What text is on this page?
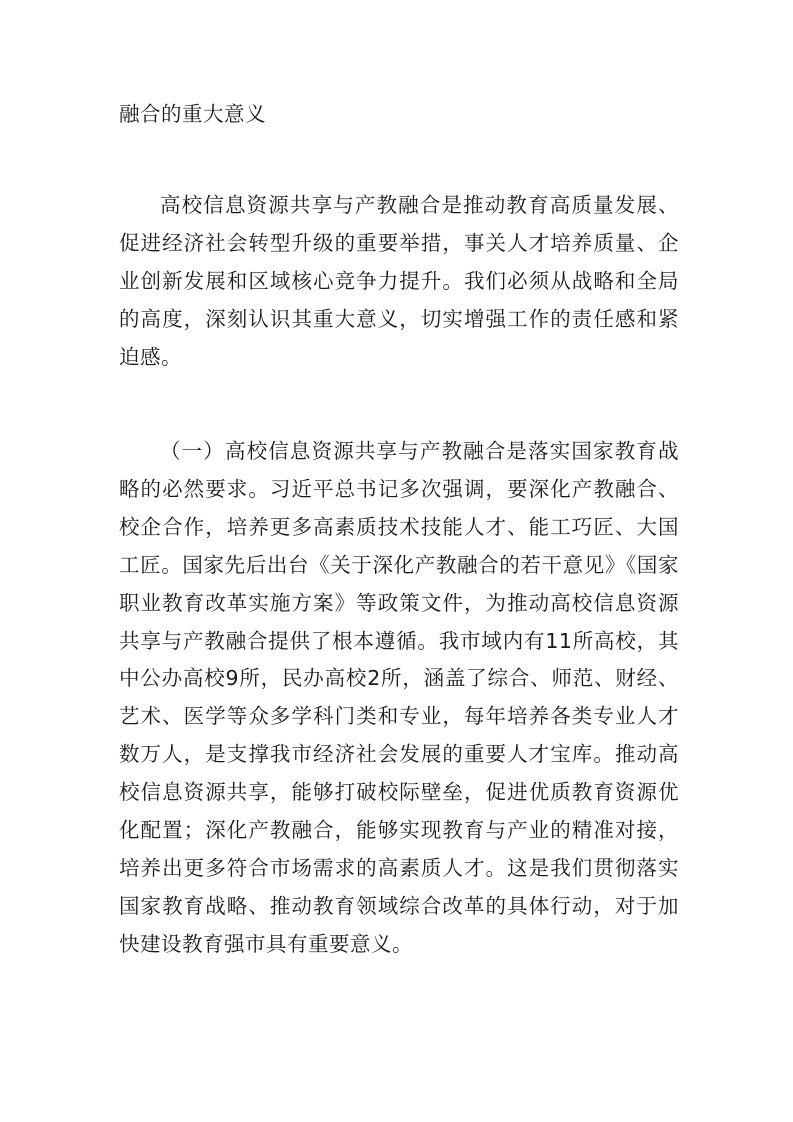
融合的重大意义

高校信息资源共享与产教融合是推动教育高质量发展、促进经济社会转型升级的重要举措，事关人才培养质量、企业创新发展和区域核心竞争力提升。我们必须从战略和全局的高度，深刻认识其重大意义，切实增强工作的责任感和紧迫感。

（一）高校信息资源共享与产教融合是落实国家教育战略的必然要求。习近平总书记多次强调，要深化产教融合、校企合作，培养更多高素质技术技能人才、能工巧匠、大国工匠。国家先后出台《关于深化产教融合的若干意见》《国家职业教育改革实施方案》等政策文件，为推动高校信息资源共享与产教融合提供了根本遵循。我市域内有11所高校，其中公办高校9所，民办高校2所，涵盖了综合、师范、财经、艺术、医学等众多学科门类和专业，每年培养各类专业人才数万人，是支撑我市经济社会发展的重要人才宝库。推动高校信息资源共享，能够打破校际壁垒，促进优质教育资源优化配置；深化产教融合，能够实现教育与产业的精准对接，培养出更多符合市场需求的高素质人才。这是我们贯彻落实国家教育战略、推动教育领域综合改革的具体行动，对于加快建设教育强市具有重要意义。
